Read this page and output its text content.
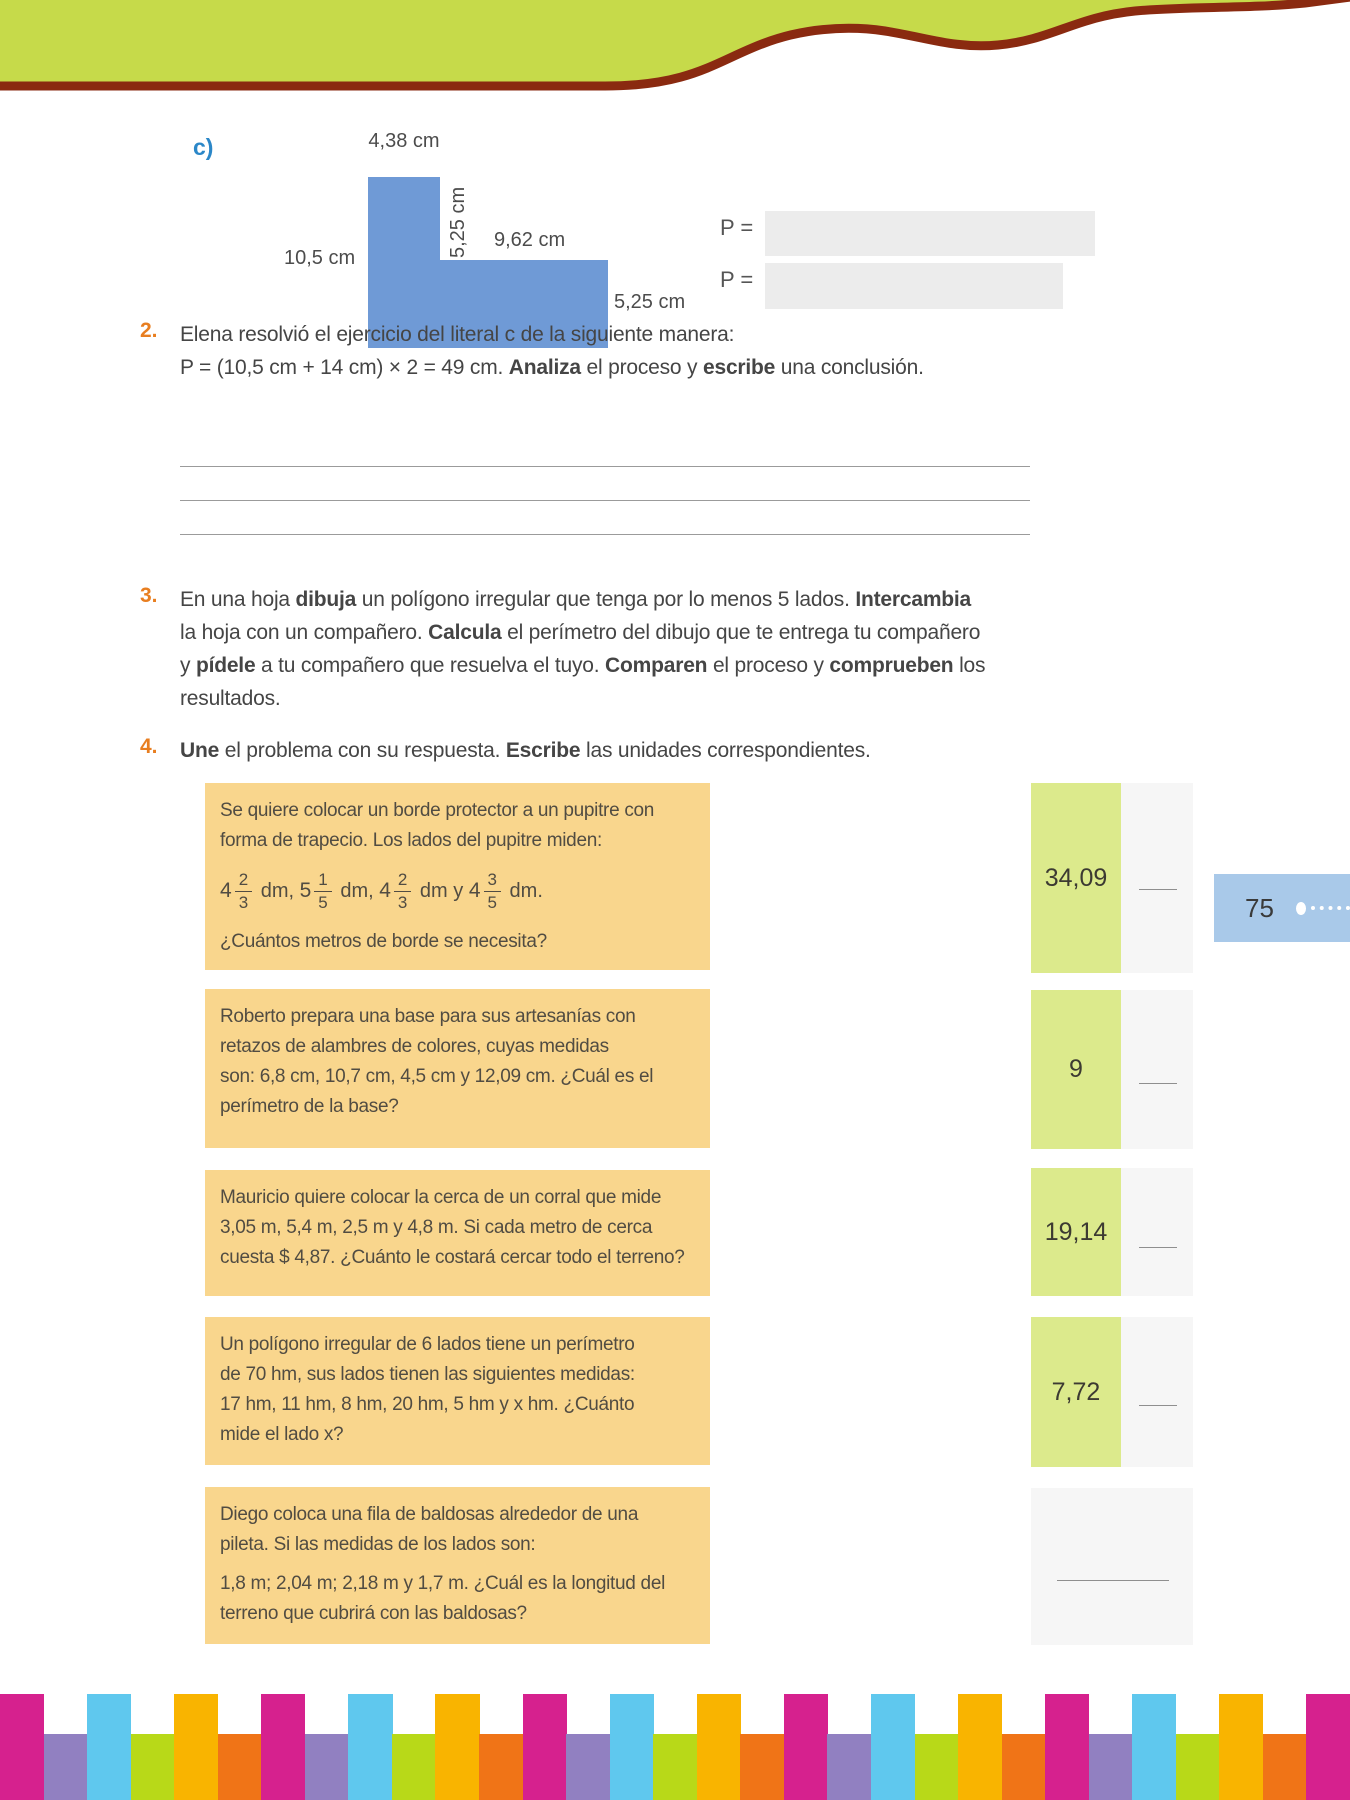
c)	4,38 cm
5,25 cm 9,62 cm
10,5 cm
5,25 cm
P =
P =
2. Elena resolvió el ejercicio del literal c de la siguiente manera:
P = (10,5 cm + 14 cm) × 2 = 49 cm. Analiza el proceso y escribe una conclusión.
3. En una hoja dibuja un polígono irregular que tenga por lo menos 5 lados. Intercambia
la hoja con un compañero. Calcula el perímetro del dibujo que te entrega tu compañero
y pídele a tu compañero que resuelva el tuyo. Comparen el proceso y comprueben los
resultados.
4. Une el problema con su respuesta. Escribe las unidades correspondientes.
Se quiere colocar un borde protector a un pupitre con
forma de trapecio. Los lados del pupitre miden:
$4 \frac{2}{3}$ dm, $5 \frac{1}{5}$ dm, $4 \frac{2}{3}$ dm y $4 \frac{3}{5}$ dm.
¿Cuántos metros de borde se necesita?
34,09
Roberto prepara una base para sus artesanías con
retazos de alambres de colores, cuyas medidas
son: 6,8 cm, 10,7 cm, 4,5 cm y 12,09 cm. ¿Cuál es el
perímetro de la base?
9
Mauricio quiere colocar la cerca de un corral que mide
3,05 m, 5,4 m, 2,5 m y 4,8 m. Si cada metro de cerca
cuesta $ 4,87. ¿Cuánto le costará cercar todo el terreno?
19,14
Un polígono irregular de 6 lados tiene un perímetro
de 70 hm, sus lados tienen las siguientes medidas:
17 hm, 11 hm, 8 hm, 20 hm, 5 hm y x hm. ¿Cuánto
mide el lado x?
7,72
Diego coloca una fila de baldosas alrededor de una
pileta. Si las medidas de los lados son:
1,8 m; 2,04 m; 2,18 m y 1,7 m. ¿Cuál es la longitud del
terreno que cubrirá con las baldosas?
75
